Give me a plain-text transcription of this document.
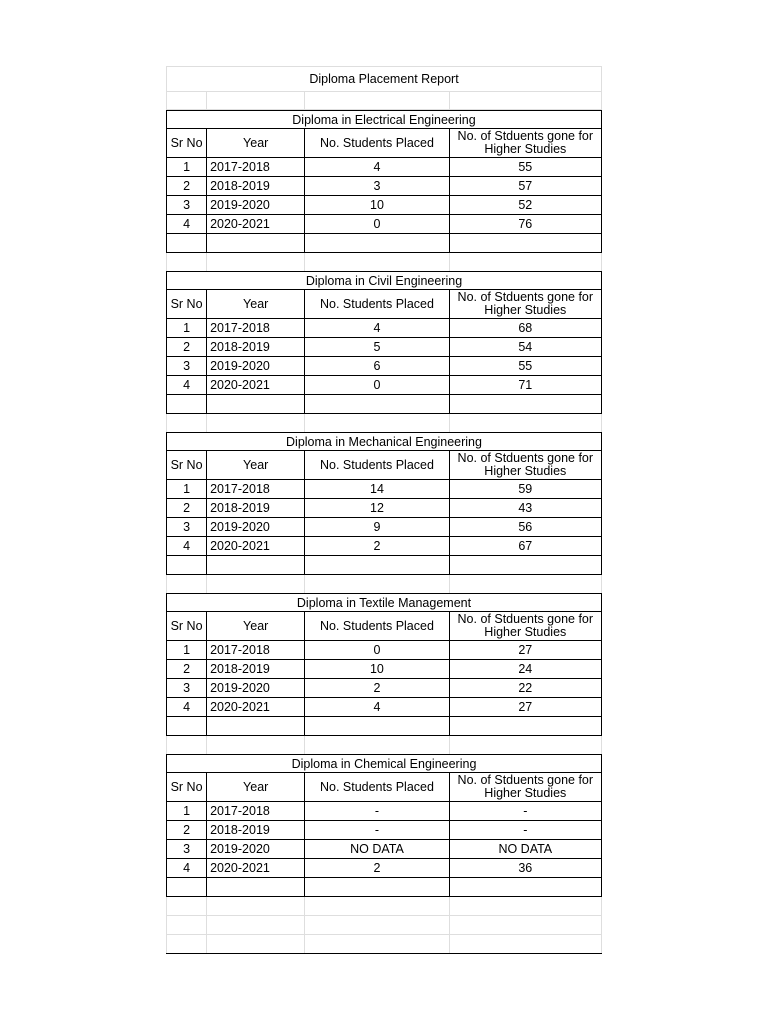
Diploma Placement Report

Diploma in Electrical Engineering			
Sr No	Year	No. Students Placed	No. of Stduents gone for Higher Studies
1	2017-2018	4	55
2	2018-2019	3	57
3	2019-2020	10	52
4	2020-2021	0	76

Diploma in Civil Engineering			
Sr No	Year	No. Students Placed	No. of Stduents gone for Higher Studies
1	2017-2018	4	68
2	2018-2019	5	54
3	2019-2020	6	55
4	2020-2021	0	71

Diploma in Mechanical Engineering			
Sr No	Year	No. Students Placed	No. of Stduents gone for Higher Studies
1	2017-2018	14	59
2	2018-2019	12	43
3	2019-2020	9	56
4	2020-2021	2	67

Diploma in Textile Management			
Sr No	Year	No. Students Placed	No. of Stduents gone for Higher Studies
1	2017-2018	0	27
2	2018-2019	10	24
3	2019-2020	2	22
4	2020-2021	4	27

Diploma in Chemical Engineering			
Sr No	Year	No. Students Placed	No. of Stduents gone for Higher Studies
1	2017-2018	-	-
2	2018-2019	-	-
3	2019-2020	NO DATA	NO DATA
4	2020-2021	2	36
